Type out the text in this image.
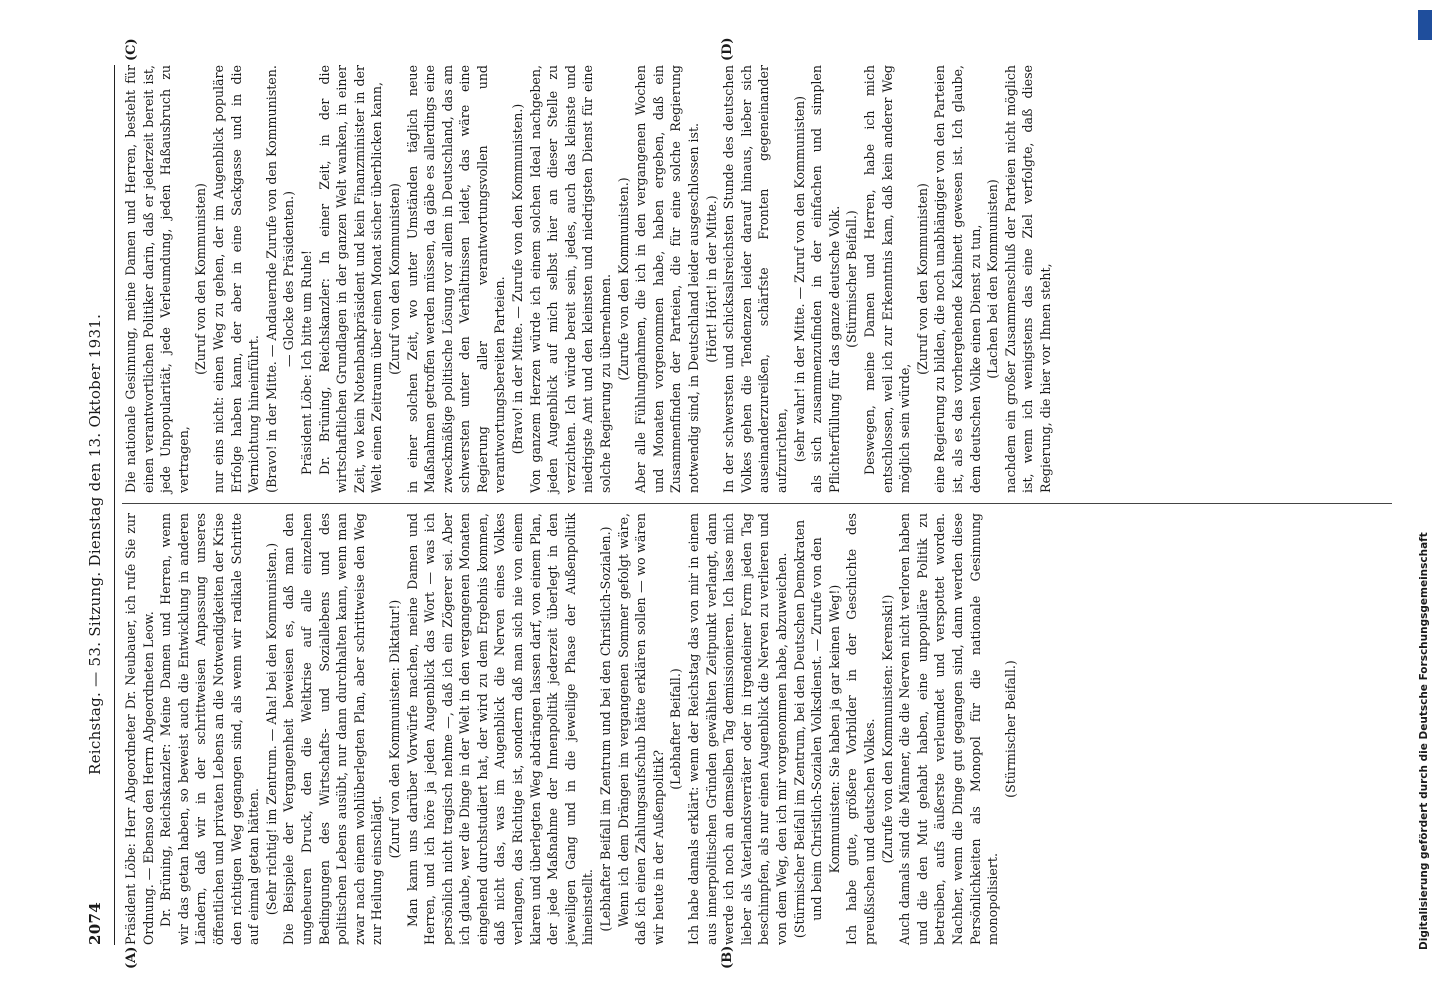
Digitalisierung gefördert durch die Deutsche Forschungsgemeinschaft
2074
Reichstag. — 53. Sitzung. Dienstag den 13. Oktober 1931.
(A)	(B)
(C)	(D)

Präsident Löbe: Herr Abgeordneter Dr. Neubauer, ich rufe Sie zur Ordnung. — Ebenso den Herrn Abgeordneten Leow. Dr. Brüning, Reichskanzler: Meine Damen und Herren, wenn wir das getan haben, so beweist auch die Entwicklung in anderen Ländern, daß wir in der schrittweisen Anpassung unseres öffentlichen und privaten Lebens an die Notwendigkeiten der Krise den richtigen Weg gegangen sind, als wenn wir radikale Schritte auf einmal getan hätten. (Sehr richtig! im Zentrum. — Aha! bei den Kommunisten.) Die Beispiele der Vergangenheit beweisen es, daß man den ungeheuren Druck, den die Weltkrise auf alle einzelnen Bedingungen des Wirtschafts- und Soziallebens und des politischen Lebens ausübt, nur dann durchhalten kann, wenn man zwar nach einem wohlüberlegten Plan, aber schrittweise den Weg zur Heilung einschlägt.

(Zuruf von den Kommunisten: Diktatur!) Man kann uns darüber Vorwürfe machen, meine Damen und Herren, und ich höre ja jeden Augenblick das Wort — was ich persönlich nicht tragisch nehme —, daß ich ein Zögerer sei. Aber ich glaube, wer die Dinge in der Welt in den vergangenen Monaten eingehend durchstudiert hat, der wird zu dem Ergebnis kommen, daß nicht das, was im Augenblick die Nerven eines Volkes verlangen, das Richtige ist, sondern daß man sich nie von einem klaren und überlegten Weg abdrängen lassen darf, von einem Plan, der jede Maßnahme der Innenpolitik jederzeit überlegt in den jeweiligen Gang und in die jeweilige Phase der Außenpolitik hineinstellt. (Lebhafter Beifall im Zentrum und bei den Christlich-Sozialen.) Wenn ich dem Drängen im vergangenen Sommer gefolgt wäre, daß ich einen Zahlungsaufschub hätte erklären sollen — wo wären wir heute in der Außenpolitik?

(Lebhafter Beifall.) Ich habe damals erklärt: wenn der Reichstag das von mir in einem aus innerpolitischen Gründen gewählten Zeitpunkt verlangt, dann werde ich noch an demselben Tag demissionieren. Ich lasse mich lieber als Vaterlandsverräter oder in irgendeiner Form jeden Tag beschimpfen, als nur einen Augenblick die Nerven zu verlieren und von dem Weg, den ich mir vorgenommen habe, abzuweichen. (Stürmischer Beifall im Zentrum, bei den Deutschen Demokraten und beim Christlich-Sozialen Volksdienst. — Zurufe von den Kommunisten: Sie haben ja gar keinen Weg!) Ich habe gute, größere Vorbilder in der Geschichte des preußischen und deutschen Volkes. (Zurufe von den Kommunisten: Kerenski!) Auch damals sind die Männer, die die Nerven nicht verloren haben und die den Mut gehabt haben, eine unpopuläre Politik zu betreiben, aufs äußerste verleumdet und verspottet worden. Nachher, wenn die Dinge gut gegangen sind, dann werden diese Persönlichkeiten als Monopol für die nationale Gesinnung monopolisiert.

(Stürmischer Beifall.)

Die nationale Gesinnung, meine Damen und Herren, besteht für einen verantwortlichen Politiker darin, daß er jederzeit bereit ist, jede Unpopularität, jede Verleumdung, jeden Haßausbruch zu vertragen,

(Zuruf von den Kommunisten) nur eins nicht: einen Weg zu gehen, der im Augenblick populäre Erfolge haben kann, der aber in eine Sackgasse und in die Vernichtung hineinführt. (Bravo! in der Mitte. — Andauernde Zurufe von den Kommunisten. — Glocke des Präsidenten.) Präsident Löbe: Ich bitte um Ruhe! Dr. Brüning, Reichskanzler: In einer Zeit, in der die wirtschaftlichen Grundlagen in der ganzen Welt wanken, in einer Zeit, wo kein Notenbankpräsident und kein Finanzminister in der Welt einen Zeitraum über einen Monat sicher überblicken kann, (Zuruf von den Kommunisten) in einer solchen Zeit, wo unter Umständen täglich neue Maßnahmen getroffen werden müssen, da gäbe es allerdings eine zweckmäßige politische Lösung vor allem in Deutschland, das am schwersten unter den Verhältnissen leidet, das wäre eine Regierung aller verantwortungsvollen und verantwortungsbereiten Parteien. (Bravo! in der Mitte. — Zurufe von den Kommunisten.) Von ganzem Herzen würde ich einem solchen Ideal nachgeben, jeden Augenblick auf mich selbst hier an dieser Stelle zu verzichten. Ich würde bereit sein, jedes, auch das kleinste und niedrigste Amt und den kleinsten und niedrigsten Dienst für eine solche Regierung zu übernehmen. (Zurufe von den Kommunisten.) Aber alle Fühlungnahmen, die ich in den vergangenen Wochen und Monaten vorgenommen habe, haben ergeben, daß ein Zusammenfinden der Parteien, die für eine solche Regierung notwendig sind, in Deutschland leider ausgeschlossen ist. (Hört! Hört! in der Mitte.) In der schwersten und schicksalsreichsten Stunde des deutschen Volkes gehen die Tendenzen leider darauf hinaus, lieber sich auseinanderzureißen, schärfste Fronten gegeneinander aufzurichten, (sehr wahr! in der Mitte. — Zuruf von den Kommunisten) als sich zusammenzufinden in der einfachen und simplen Pflichterfüllung für das ganze deutsche Volk. (Stürmischer Beifall.) Deswegen, meine Damen und Herren, habe ich mich entschlossen, weil ich zur Erkenntnis kam, daß kein anderer Weg möglich sein würde,

(Zuruf von den Kommunisten) eine Regierung zu bilden, die noch unabhängiger von den Parteien ist, als es das vorhergehende Kabinett gewesen ist. Ich glaube, dem deutschen Volke einen Dienst zu tun, (Lachen bei den Kommunisten) nachdem ein großer Zusammenschluß der Parteien nicht möglich ist, wenn ich wenigstens das eine Ziel verfolgte, daß diese Regierung, die hier vor Ihnen steht,
